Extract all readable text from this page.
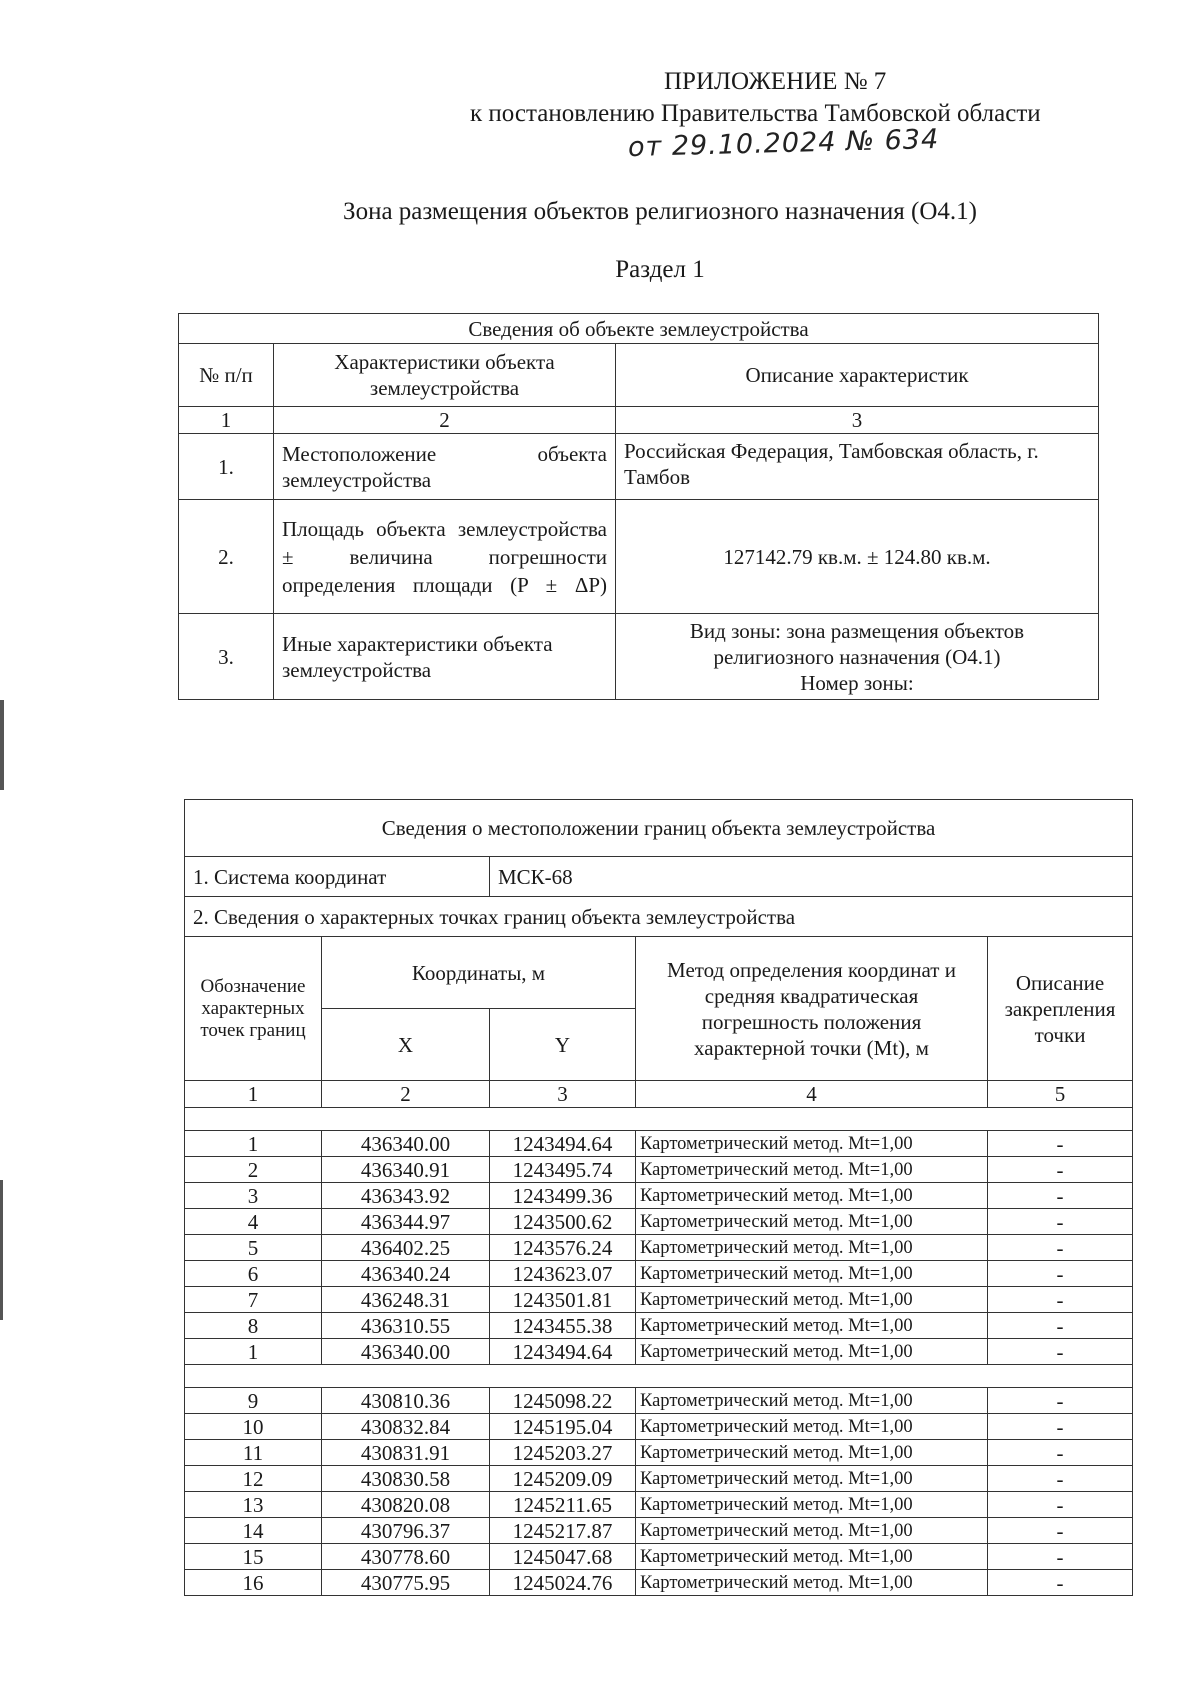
ПРИЛОЖЕНИЕ № 7
к постановлению Правительства Тамбовской области
от 29.10.2024 № 634
Зона размещения объектов религиозного назначения (О4.1)
Раздел 1
Сведения об объекте землеустройства		
№ п/п	Характеристики объекта землеустройства	Описание характеристик
1	2	3
1.	Местоположение объекта землеустройства	Российская Федерация, Тамбовская область, г. Тамбов
2.	Площадь объекта землеустройства ± величина погрешности определения площади (P ± ΔP)	127142.79 кв.м. ± 124.80 кв.м.
3.	Иные характеристики объекта землеустройства	Вид зоны: зона размещения объектов
религиозного назначения (О4.1)
Номер зоны:
Сведения о местоположении границ объекта землеустройства				
1. Система координат		МСК-68		
2. Сведения о характерных точках границ объекта землеустройства				
Обозначение характерных точек границ	Координаты, м		Метод определения координат и средняя квадратическая погрешность положения характерной точки (Mt), м	Описание закрепления точки
	X	Y		
1	2	3	4	5

1	436340.00	1243494.64	Картометрический метод. Mt=1,00	-
2	436340.91	1243495.74	Картометрический метод. Mt=1,00	-
3	436343.92	1243499.36	Картометрический метод. Mt=1,00	-
4	436344.97	1243500.62	Картометрический метод. Mt=1,00	-
5	436402.25	1243576.24	Картометрический метод. Mt=1,00	-
6	436340.24	1243623.07	Картометрический метод. Mt=1,00	-
7	436248.31	1243501.81	Картометрический метод. Mt=1,00	-
8	436310.55	1243455.38	Картометрический метод. Mt=1,00	-
1	436340.00	1243494.64	Картометрический метод. Mt=1,00	-

9	430810.36	1245098.22	Картометрический метод. Mt=1,00	-
10	430832.84	1245195.04	Картометрический метод. Mt=1,00	-
11	430831.91	1245203.27	Картометрический метод. Mt=1,00	-
12	430830.58	1245209.09	Картометрический метод. Mt=1,00	-
13	430820.08	1245211.65	Картометрический метод. Mt=1,00	-
14	430796.37	1245217.87	Картометрический метод. Mt=1,00	-
15	430778.60	1245047.68	Картометрический метод. Mt=1,00	-
16	430775.95	1245024.76	Картометрический метод. Mt=1,00	-
